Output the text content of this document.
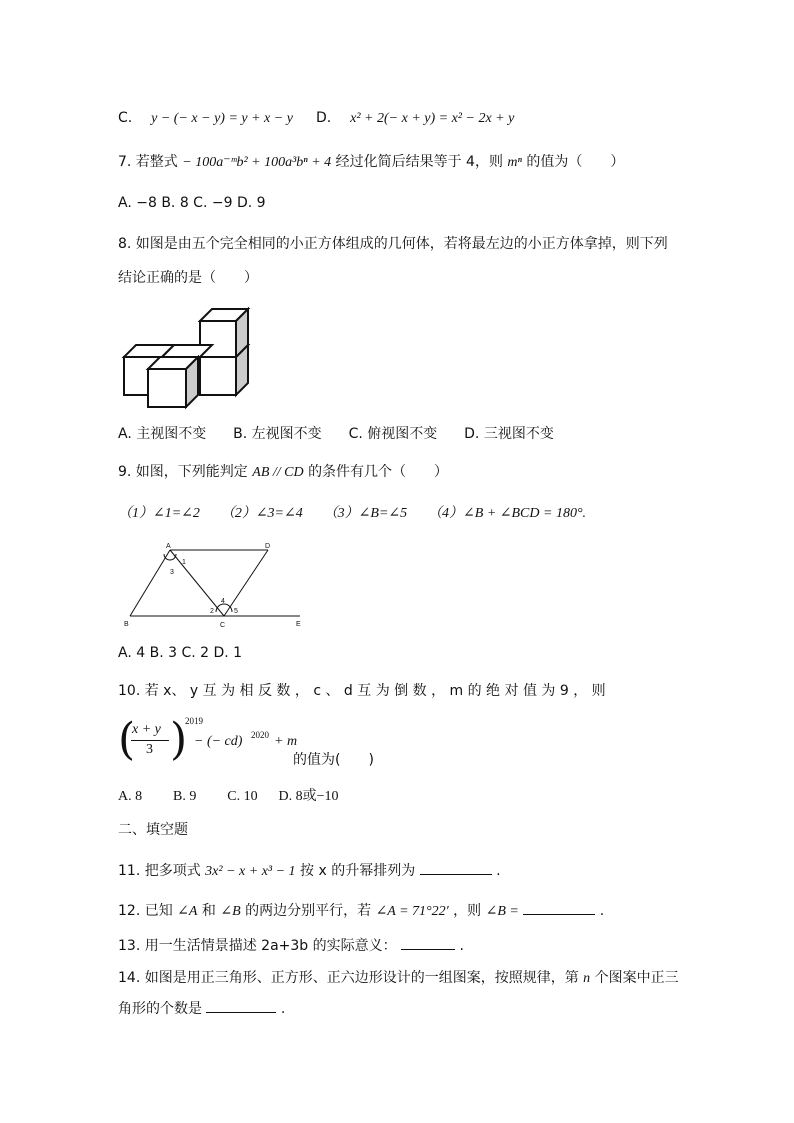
C. y − (− x − y) = y + x − y D. x² + 2(− x + y) = x² − 2x + y
7. 若整式 − 100a⁻ᵐb² + 100a³bⁿ + 4 经过化简后结果等于 4，则 mⁿ 的值为（　　）
A. −8 B. 8 C. −9 D. 9
8. 如图是由五个完全相同的小正方体组成的几何体，若将最左边的小正方体拿掉，则下列
结论正确的是（　　）
A. 主视图不变 B. 左视图不变 C. 俯视图不变 D. 三视图不变
9. 如图，下列能判定 AB // CD 的条件有几个（　　）
（1）∠1=∠2 （2）∠3=∠4 （3）∠B=∠5 （4）∠B + ∠BCD = 180°.
A	D
B	C	E
1
2
3
4
5
A. 4 B. 3 C. 2 D. 1
10. 若 x、 y 互 为 相 反 数 ， c 、 d 互 为 倒 数 ， m 的 绝 对 值 为 9 ， 则
(
x + y
3 )
2019
− (− cd) 2020 + m
的值为(　　)
A. 8 B. 9 C. 10 D. 8或−10
二、填空题
11. 把多项式 3x² − x + x³ − 1 按 x 的升幂排列为	.
12. 已知 ∠A 和 ∠B 的两边分别平行，若 ∠A = 71°22′ ，则 ∠B =	.
13. 用一生活情景描述 2a+3b 的实际意义：	.
14. 如图是用正三角形、正方形、正六边形设计的一组图案，按照规律，第 n 个图案中正三
角形的个数是	.
